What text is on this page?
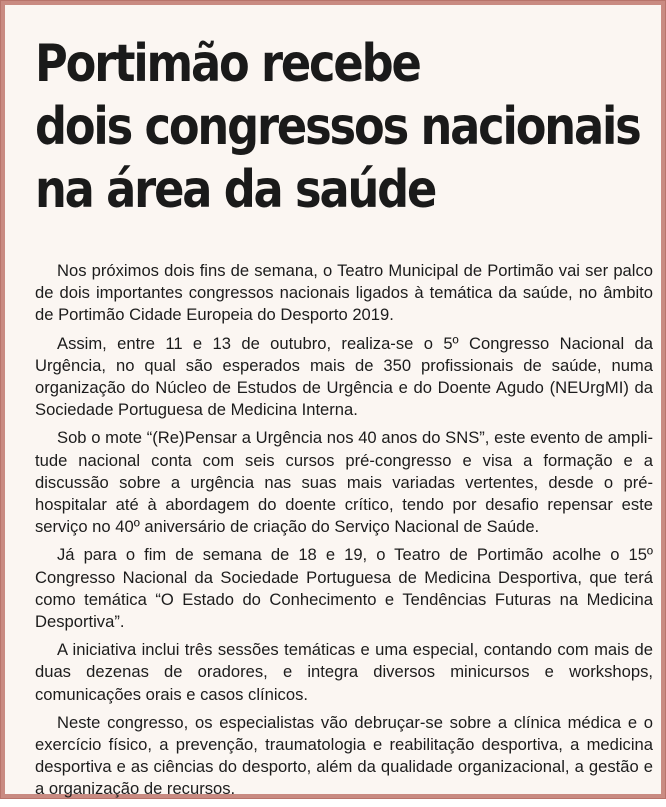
Portimão recebe
dois congressos nacionais
na área da saúde

Nos próximos dois fins de semana, o Teatro Municipal de Portimão vai ser palco de dois importantes congressos nacionais ligados à temática da saúde, no âmbito de Portimão Cidade Europeia do Desporto 2019.

Assim, entre 11 e 13 de outubro, realiza-se o 5º Congresso Nacional da Urgência, no qual são esperados mais de 350 profissionais de saúde, numa organização do Núcleo de Estudos de Urgência e do Doente Agudo (NEUrgMI) da Sociedade Portuguesa de Medicina Interna.

Sob o mote “(Re)Pensar a Urgência nos 40 anos do SNS”, este evento de amplitude nacional conta com seis cursos pré-congresso e visa a formação e a discussão sobre a urgência nas suas mais variadas vertentes, desde o pré-hospitalar até à abordagem do doente crítico, tendo por desafio repensar este serviço no 40º aniversário de criação do Serviço Nacional de Saúde.

Já para o fim de semana de 18 e 19, o Teatro de Portimão acolhe o 15º Congresso Nacional da Sociedade Portuguesa de Medicina Desportiva, que terá como temática “O Estado do Conhecimento e Tendências Futuras na Medicina Desportiva”.

A iniciativa inclui três sessões temáticas e uma especial, contando com mais de duas dezenas de oradores, e integra diversos minicursos e workshops, comunicações orais e casos clínicos.

Neste congresso, os especialistas vão debruçar-se sobre a clínica médica e o exercício físico, a prevenção, traumatologia e reabilitação desportiva, a medicina desportiva e as ciências do desporto, além da qualidade organizacional, a gestão e a organização de recursos.
